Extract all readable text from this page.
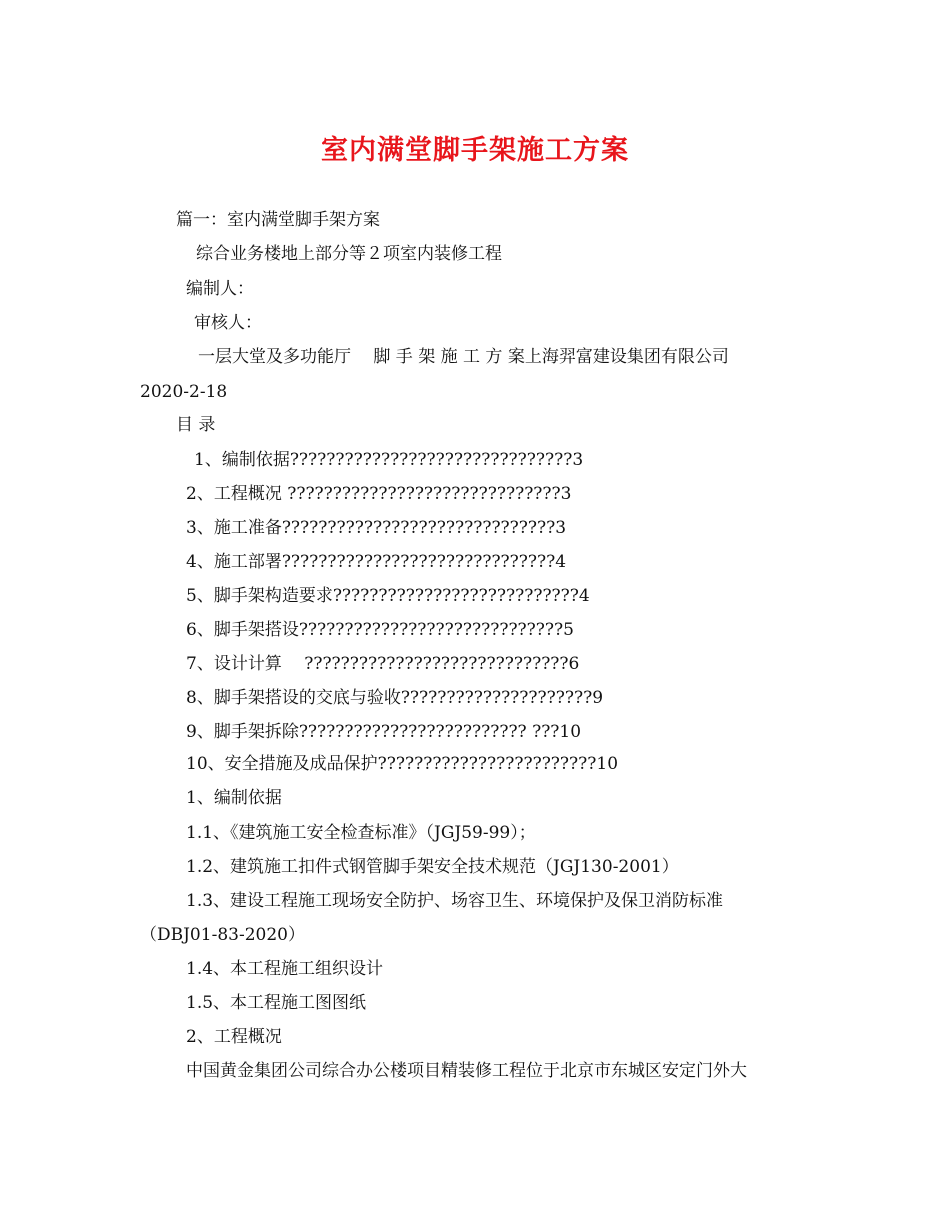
室内满堂脚手架施工方案

篇一：室内满堂脚手架方案

综合业务楼地上部分等２项室内装修工程

编制人：

审核人：

一层大堂及多功能厅　 脚 手 架 施 工 方 案上海羿富建设集团有限公司

2020-2-18

目 录

1、编制依据???????????????????????????????3

2、工程概况 ??????????????????????????????3

3、施工准备??????????????????????????????3

4、施工部署??????????????????????????????4

5、脚手架构造要求???????????????????????????4

6、脚手架搭设?????????????????????????????5

7、设计计算　 ?????????????????????????????6

8、脚手架搭设的交底与验收?????????????????????9

9、脚手架拆除????????????????????????? ???10

10、安全措施及成品保护????????????????????????10

1、编制依据

1.1、《建筑施工安全检查标准》（JGJ59-99）；

1.2、建筑施工扣件式钢管脚手架安全技术规范（JGJ130-2001）

1.3、建设工程施工现场安全防护、场容卫生、环境保护及保卫消防标准

（DBJ01-83-2020）

1.4、本工程施工组织设计

1.5、本工程施工图图纸

2、工程概况

中国黄金集团公司综合办公楼项目精装修工程位于北京市东城区安定门外大
